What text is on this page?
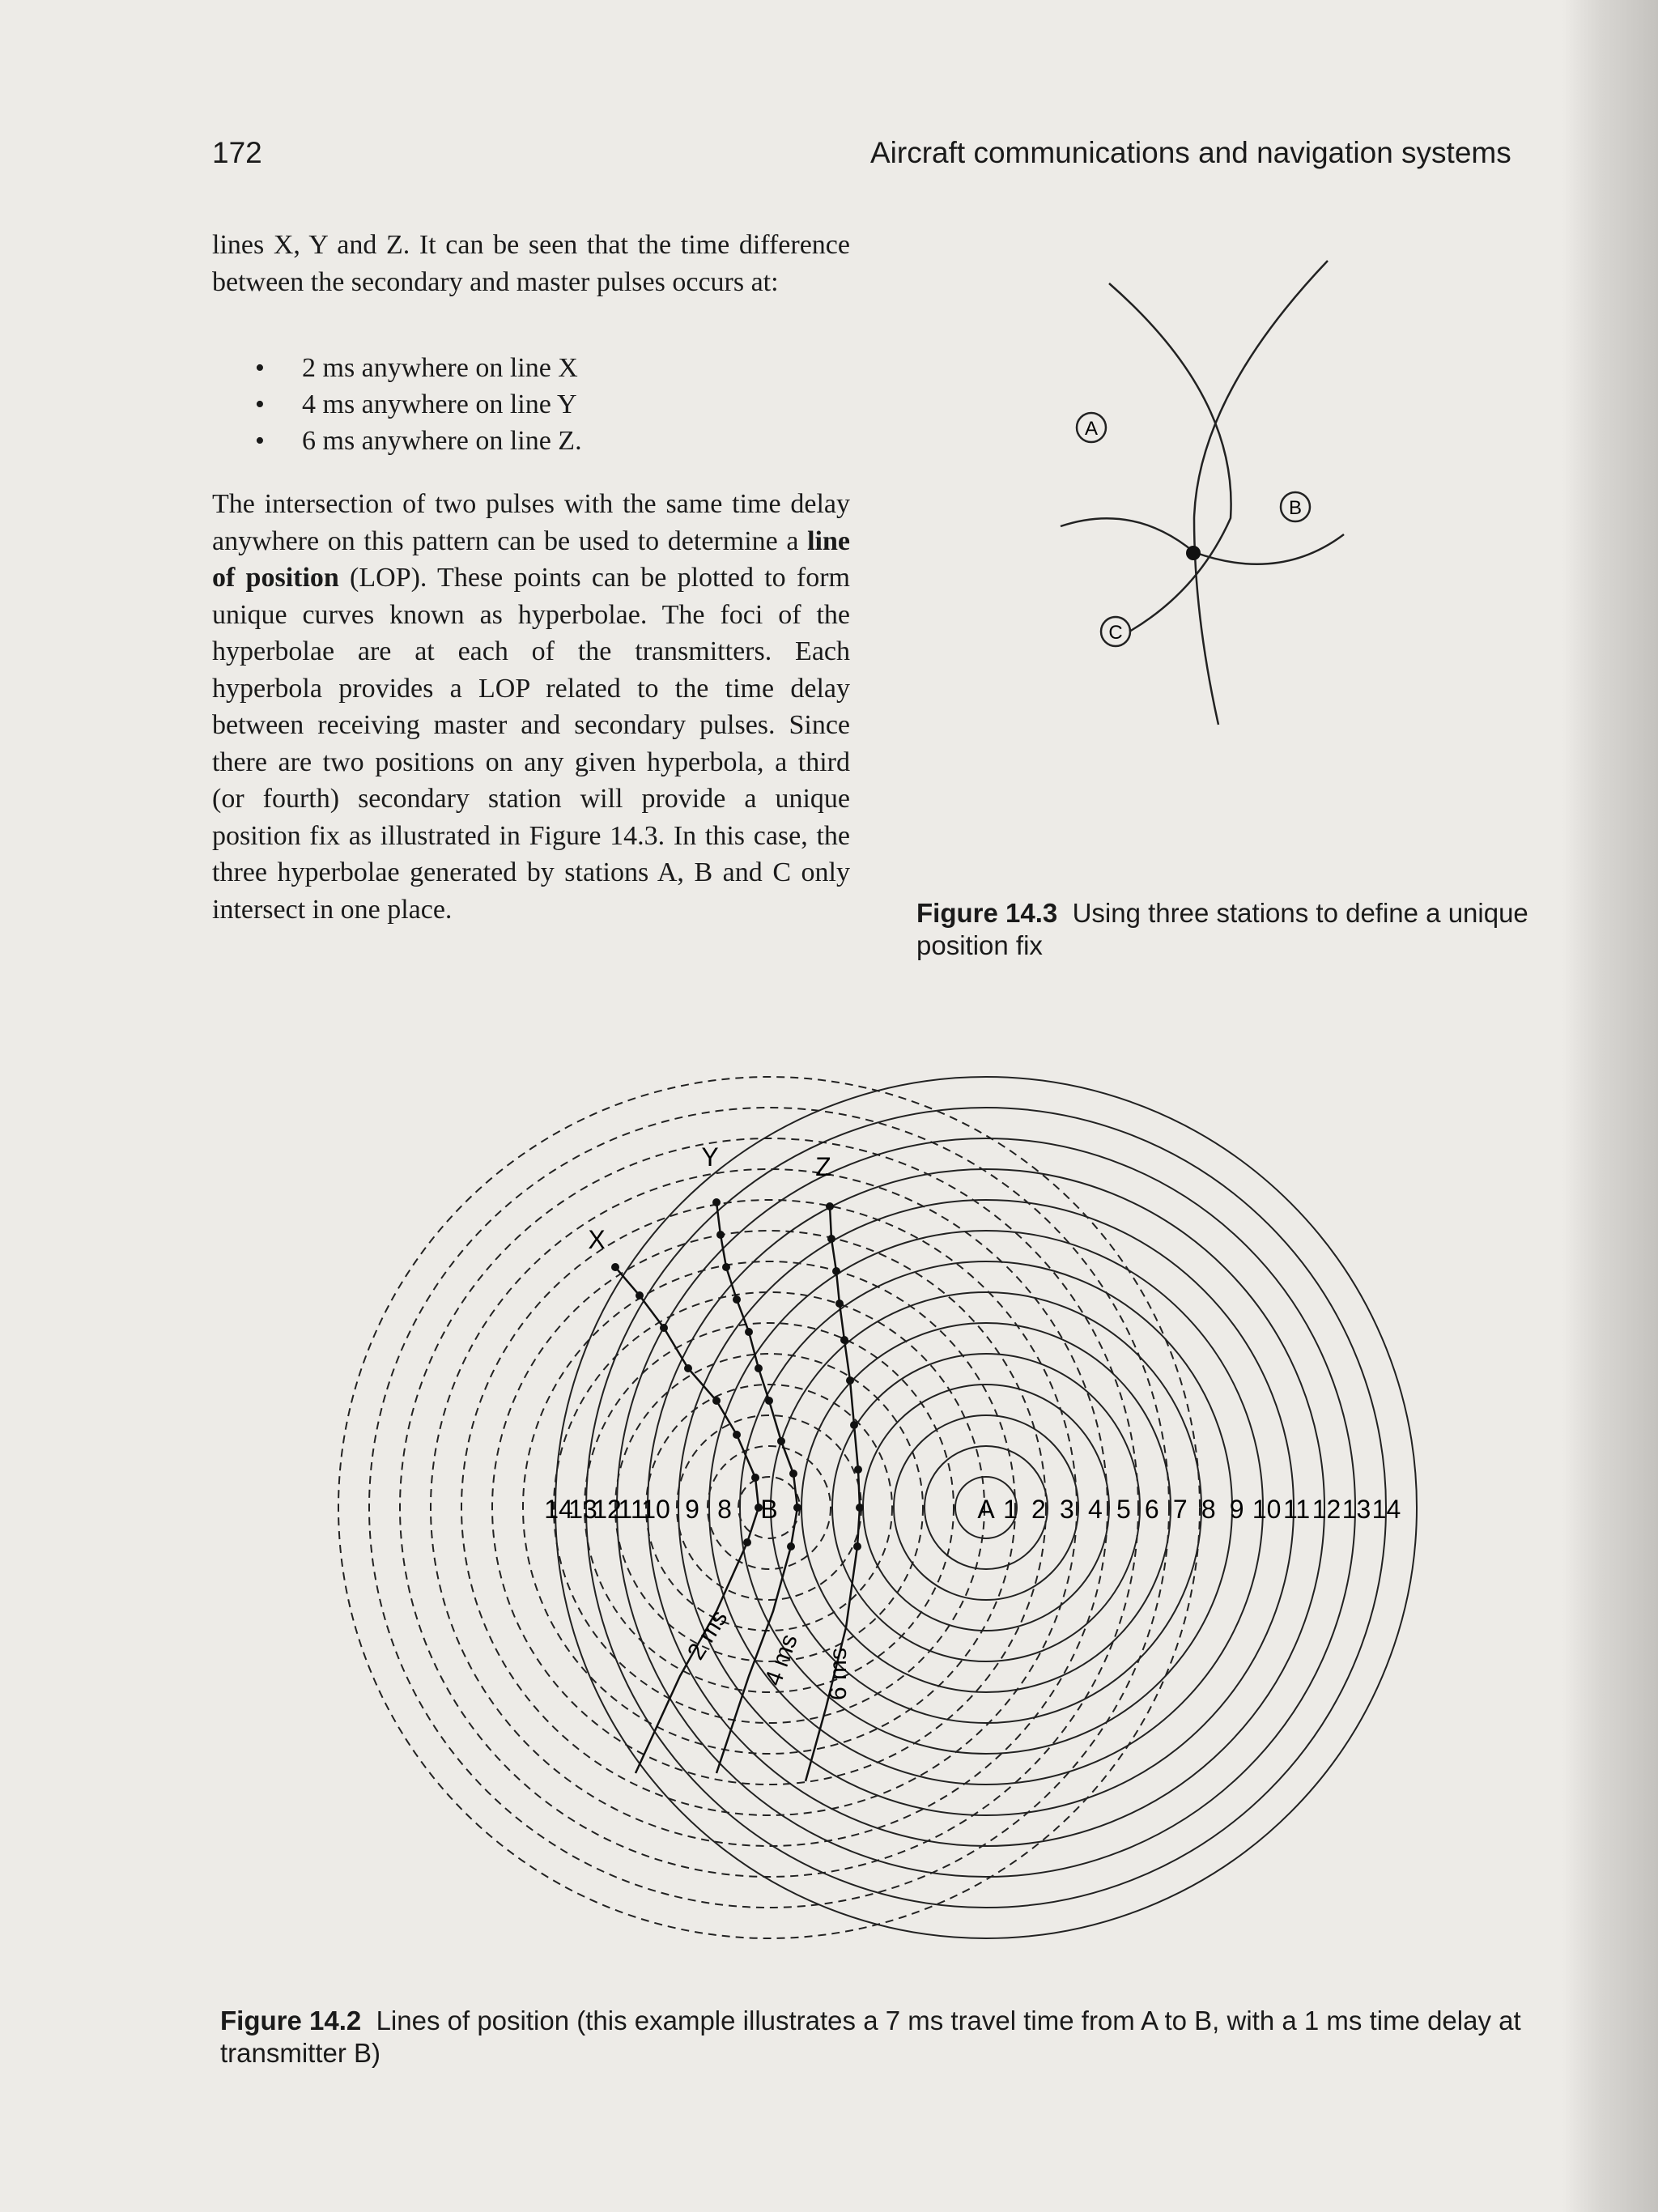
172	Aircraft communications and navigation systems
lines X, Y and Z. It can be seen that the time difference between the secondary and master pulses occurs at:
• 2 ms anywhere on line X
• 4 ms anywhere on line Y
• 6 ms anywhere on line Z.
The intersection of two pulses with the same time delay anywhere on this pattern can be used to determine a line of position (LOP). These points can be plotted to form unique curves known as hyperbolae. The foci of the hyperbolae are at each of the transmitters. Each hyperbola provides a LOP related to the time delay between receiving master and secondary pulses. Since there are two positions on any given hyperbola, a third (or fourth) secondary station will provide a unique position fix as illustrated in Figure 14.3. In this case, the three hyperbolae generated by stations A, B and C only intersect in one place.
A
B
C
Figure 14.3 Using three stations to define a unique position fix
A
B	1 2 3 4 5 6 7 8 9 10 11 12 13 14
14
13
12
11
10 9 8
X
Y	Z
2 ms 4 ms 6 ms
Figure 14.2 Lines of position (this example illustrates a 7 ms travel time from A to B, with a 1 ms time delay at transmitter B)
